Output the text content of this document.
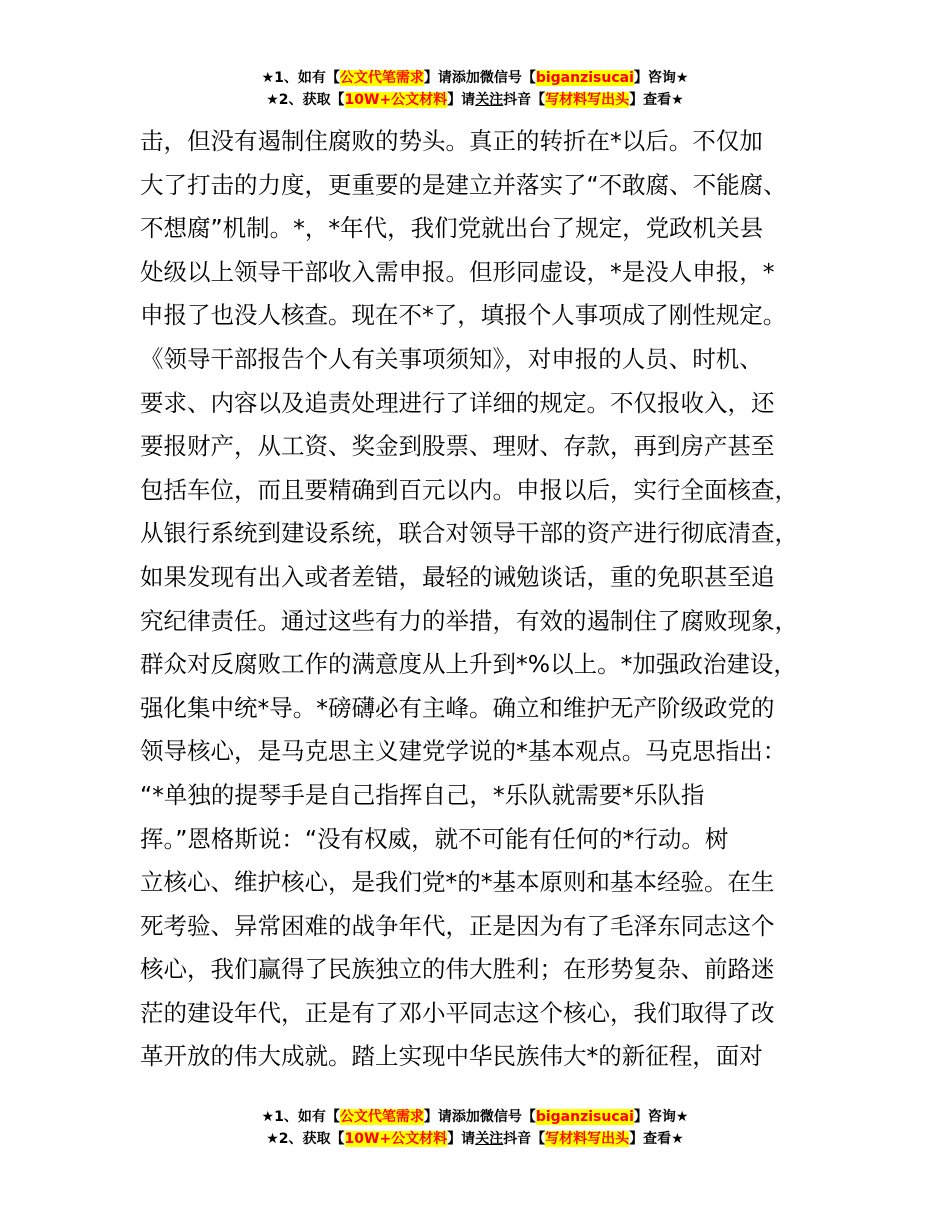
★1、如有【公文代笔需求】请添加微信号【biganzisucai】咨询★
★2、获取【10W+公文材料】请关注抖音【写材料写出头】查看★
击，但没有遏制住腐败的势头。真正的转折在*以后。不仅加
大了打击的力度，更重要的是建立并落实了“不敢腐、不能腐、
不想腐”机制。*，*年代，我们党就出台了规定，党政机关县
处级以上领导干部收入需申报。但形同虚设，*是没人申报，*
申报了也没人核查。现在不*了，填报个人事项成了刚性规定。
《领导干部报告个人有关事项须知》，对申报的人员、时机、
要求、内容以及追责处理进行了详细的规定。不仅报收入，还
要报财产，从工资、奖金到股票、理财、存款，再到房产甚至
包括车位，而且要精确到百元以内。申报以后，实行全面核查，
从银行系统到建设系统，联合对领导干部的资产进行彻底清查，
如果发现有出入或者差错，最轻的诫勉谈话，重的免职甚至追
究纪律责任。通过这些有力的举措，有效的遏制住了腐败现象，
群众对反腐败工作的满意度从上升到*%以上。*加强政治建设，
强化集中统*导。*磅礴必有主峰。确立和维护无产阶级政党的
领导核心，是马克思主义建党学说的*基本观点。马克思指出：
“*单独的提琴手是自己指挥自己，*乐队就需要*乐队指
挥。”恩格斯说：“没有权威，就不可能有任何的*行动。树
立核心、维护核心，是我们党*的*基本原则和基本经验。在生
死考验、异常困难的战争年代，正是因为有了毛泽东同志这个
核心，我们赢得了民族独立的伟大胜利；在形势复杂、前路迷
茫的建设年代，正是有了邓小平同志这个核心，我们取得了改
革开放的伟大成就。踏上实现中华民族伟大*的新征程，面对
★1、如有【公文代笔需求】请添加微信号【biganzisucai】咨询★
★2、获取【10W+公文材料】请关注抖音【写材料写出头】查看★
